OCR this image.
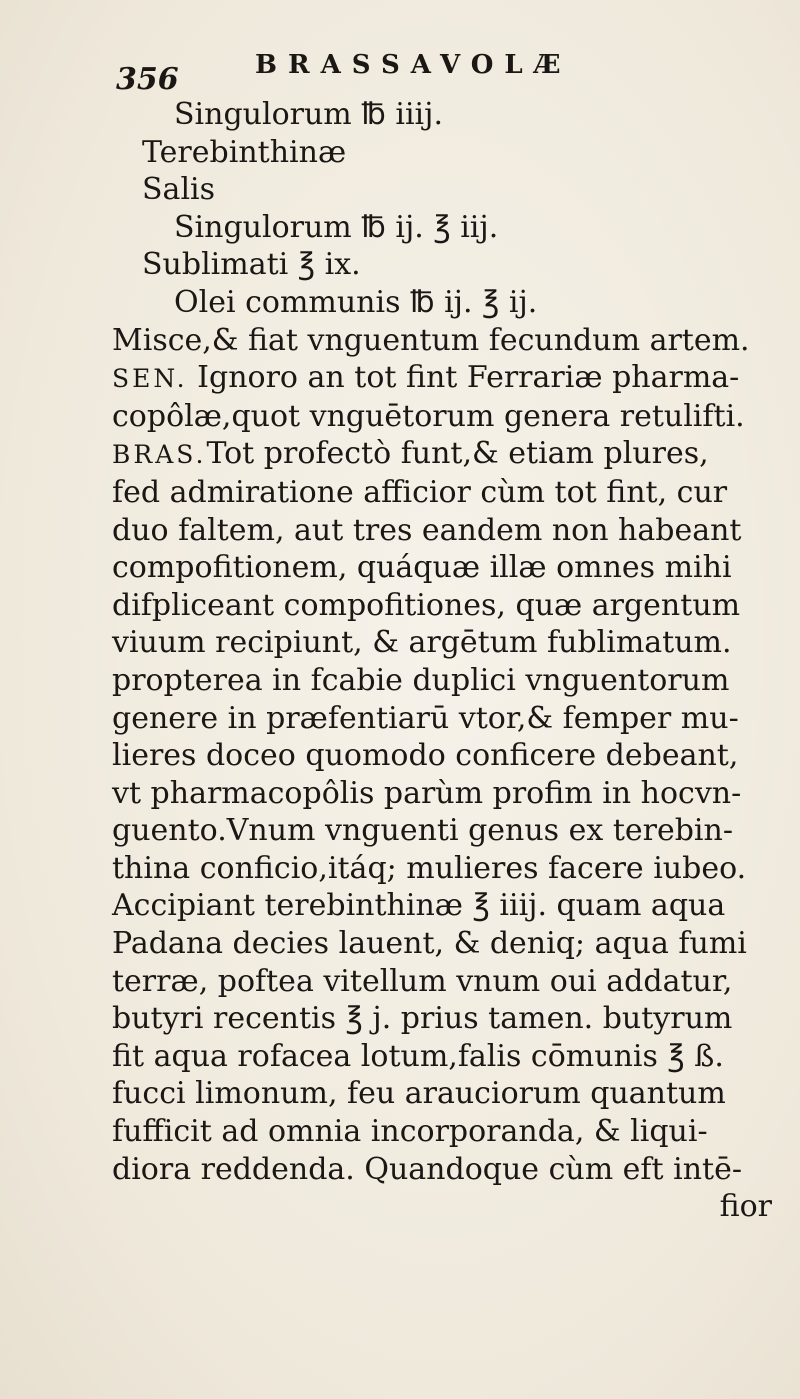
356	BRASSAVOLÆ
Singulorum ℔ iiij.
Terebinthinæ
Salis
Singulorum ℔ ij. ℥ iij.
Sublimati ℥ ix.
Olei communis ℔ ij. ℥ ij.
Misce,& fiat vnguentum fecundum artem.
SEN. Ignoro an tot fint Ferrariæ pharma-
copôlæ,quot vnguētorum genera retulifti.
BRAS.Tot profectò funt,& etiam plures,
fed admiratione afficior cùm tot fint, cur
duo faltem, aut tres eandem non habeant
compofitionem, quáquæ illæ omnes mihi
difpliceant compofitiones, quæ argentum
viuum recipiunt, & argētum fublimatum.
propterea in fcabie duplici vnguentorum
genere in præfentiarū vtor,& femper mu-
lieres doceo quomodo conficere debeant,
vt pharmacopôlis parùm profim in hocvn-
guento.Vnum vnguenti genus ex terebin-
thina conficio,itáq; mulieres facere iubeo.
Accipiant terebinthinæ ℥ iiij. quam aqua
Padana decies lauent, & deniq; aqua fumi
terræ, poftea vitellum vnum oui addatur,
butyri recentis ℥ j. prius tamen. butyrum
fit aqua rofacea lotum,falis cōmunis ℥ ß.
fucci limonum, feu arauciorum quantum
fufficit ad omnia incorporanda, & liqui-
diora reddenda. Quandoque cùm eft intē-
fior
